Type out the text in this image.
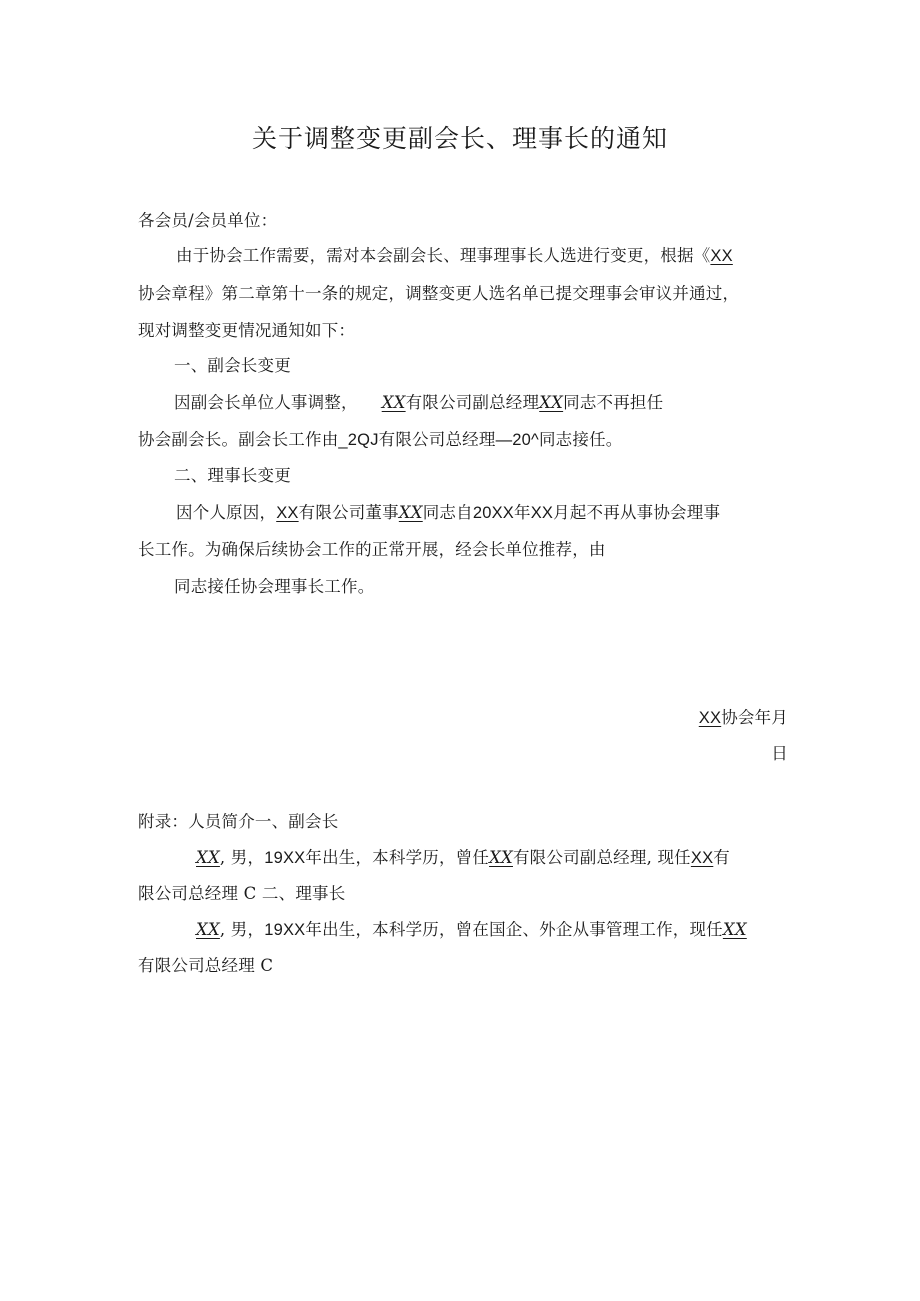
关于调整变更副会长、理事长的通知
各会员/会员单位：
由于协会工作需要，需对本会副会长、理事理事长人选进行变更，根据《XX
协会章程》第二章第十一条的规定，调整变更人选名单已提交理事会审议并通过，
现对调整变更情况通知如下：
一、副会长变更
因副会长单位人事调整， XX有限公司副总经理XX同志不再担任
协会副会长。副会长工作由_2QJ有限公司总经理—20^同志接任。
二、理事长变更
因个人原因，XX有限公司董事XX同志自20XX年XX月起不再从事协会理事
长工作。为确保后续协会工作的正常开展，经会长单位推荐，由
同志接任协会理事长工作。
XX协会年月
日
附录：人员简介一、副会长
XX, 男，19XX年出生，本科学历，曾任XX有限公司副总经理, 现任XX有
限公司总经理 C 二、理事长
XX, 男，19XX年出生，本科学历，曾在国企、外企从事管理工作，现任XX
有限公司总经理 C
